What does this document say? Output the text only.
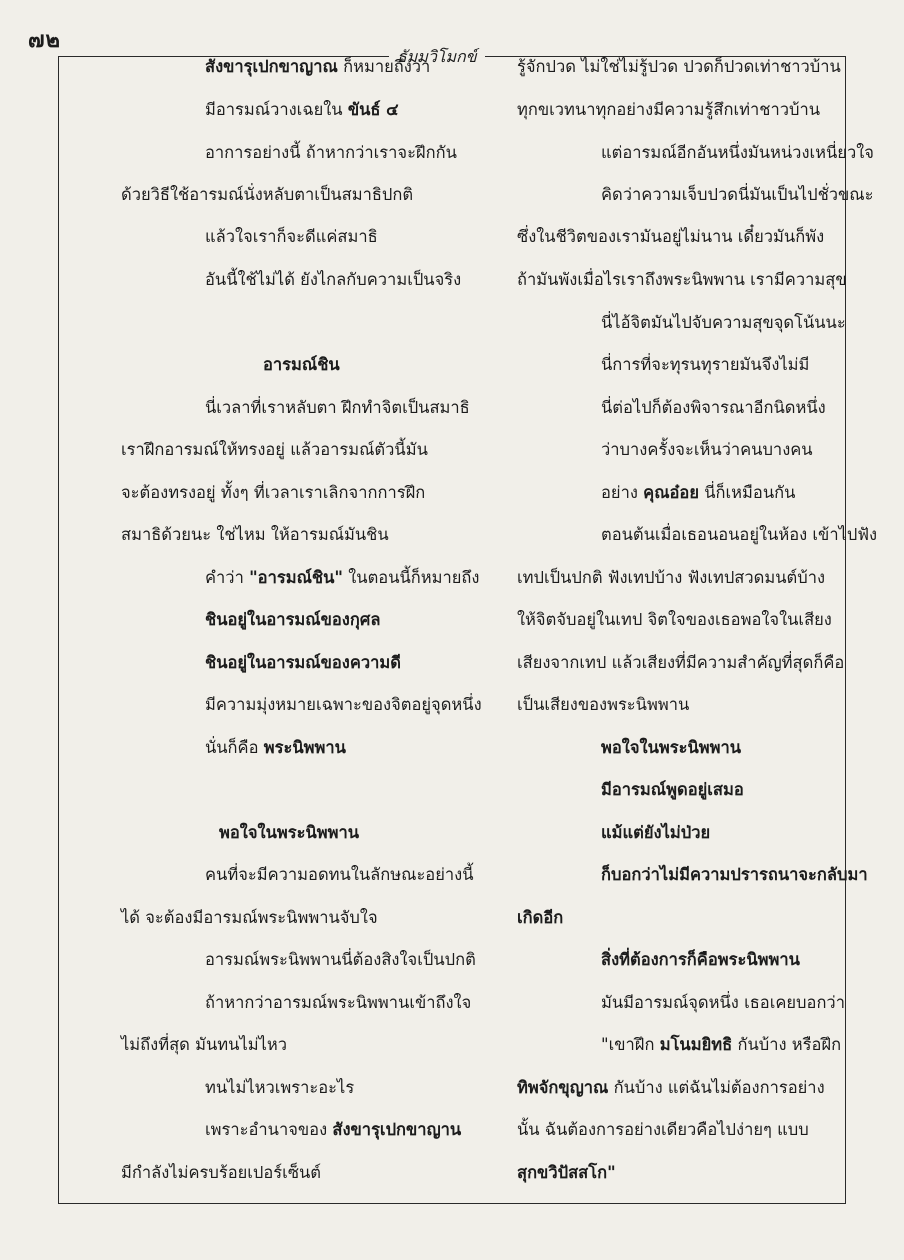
๗๒
ธัมมวิโมกข์
สังขารุเปกขาญาณ ก็หมายถึงว่า
มีอารมณ์วางเฉยใน ขันธ์ ๔
อาการอย่างนี้ ถ้าหากว่าเราจะฝึกกัน
ด้วยวิธีใช้อารมณ์นั่งหลับตาเป็นสมาธิปกติ
แล้วใจเราก็จะดีแค่สมาธิ
อันนี้ใช้ไม่ได้ ยังไกลกับความเป็นจริง
อารมณ์ชิน
นี่เวลาที่เราหลับตา ฝึกทำจิตเป็นสมาธิ
เราฝึกอารมณ์ให้ทรงอยู่ แล้วอารมณ์ตัวนี้มัน
จะต้องทรงอยู่ ทั้งๆ ที่เวลาเราเลิกจากการฝึก
สมาธิด้วยนะ ใช่ไหม ให้อารมณ์มันชิน
คำว่า "อารมณ์ชิน" ในตอนนี้ก็หมายถึง
ชินอยู่ในอารมณ์ของกุศล
ชินอยู่ในอารมณ์ของความดี
มีความมุ่งหมายเฉพาะของจิตอยู่จุดหนึ่ง
นั่นก็คือ พระนิพพาน
พอใจในพระนิพพาน
คนที่จะมีความอดทนในลักษณะอย่างนี้
ได้ จะต้องมีอารมณ์พระนิพพานจับใจ
อารมณ์พระนิพพานนี่ต้องสิงใจเป็นปกติ
ถ้าหากว่าอารมณ์พระนิพพานเข้าถึงใจ
ไม่ถึงที่สุด มันทนไม่ไหว
ทนไม่ไหวเพราะอะไร
เพราะอำนาจของ สังขารุเปกขาญาน
มีกำลังไม่ครบร้อยเปอร์เซ็นต์
รู้จักปวด ไม่ใช่ไม่รู้ปวด ปวดก็ปวดเท่าชาวบ้าน
ทุกขเวทนาทุกอย่างมีความรู้สึกเท่าชาวบ้าน
แต่อารมณ์อีกอันหนึ่งมันหน่วงเหนี่ยวใจ
คิดว่าความเจ็บปวดนี่มันเป็นไปชั่วขณะ
ซึ่งในชีวิตของเรามันอยู่ไม่นาน เดี๋ยวมันก็พัง
ถ้ามันพังเมื่อไรเราถึงพระนิพพาน เรามีความสุข
นี่ไอ้จิตมันไปจับความสุขจุดโน้นนะ
นี่การที่จะทุรนทุรายมันจึงไม่มี
นี่ต่อไปก็ต้องพิจารณาอีกนิดหนึ่ง
ว่าบางครั้งจะเห็นว่าคนบางคน
อย่าง คุณอ๋อย นี่ก็เหมือนกัน
ตอนต้นเมื่อเธอนอนอยู่ในห้อง เข้าไปฟัง
เทปเป็นปกติ ฟังเทปบ้าง ฟังเทปสวดมนต์บ้าง
ให้จิตจับอยู่ในเทป จิตใจของเธอพอใจในเสียง
เสียงจากเทป แล้วเสียงที่มีความสำคัญที่สุดก็คือ
เป็นเสียงของพระนิพพาน
พอใจในพระนิพพาน
มีอารมณ์พูดอยู่เสมอ
แม้แต่ยังไม่ป่วย
ก็บอกว่าไม่มีความปรารถนาจะกลับมา
เกิดอีก
สิ่งที่ต้องการก็คือพระนิพพาน
มันมีอารมณ์จุดหนึ่ง เธอเคยบอกว่า
"เขาฝึก มโนมยิทธิ กันบ้าง หรือฝึก
ทิพจักขุญาณ กันบ้าง แต่ฉันไม่ต้องการอย่าง
นั้น ฉันต้องการอย่างเดียวคือไปง่ายๆ แบบ
สุกขวิปัสสโก"
